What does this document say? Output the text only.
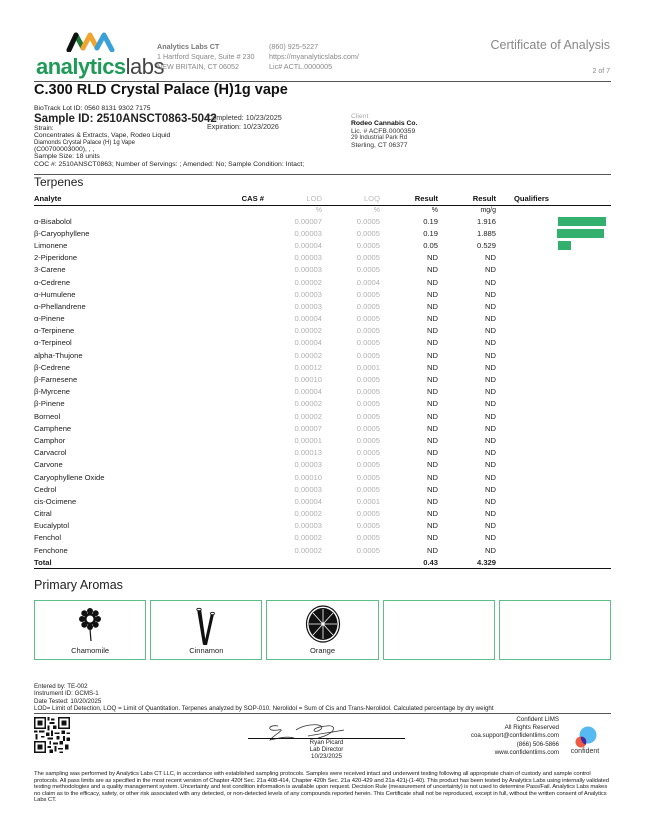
analyticslabs
Analytics Labs CT
1 Hartford Square, Suite # 230
NEW BRITAIN, CT 06052
(860) 925-5227
https://myanalyticslabs.com/
Lic# ACTL.0000005
Certificate of Analysis
2 of 7
C.300 RLD Crystal Palace (H)1g vape
BioTrack Lot ID: 0560 8131 9302 7175
Sample ID: 2510ANSCT0863-5042
Completed: 10/23/2025
Expiration: 10/23/2026
Strain:
Concentrates & Extracts, Vape, Rodeo Liquid
Diamonds Crystal Palace (H) 1g Vape
(C00700003000), , ,
Sample Size: 18 units
COC #: 2510ANSCT0863; Number of Servings: ; Amended: No; Sample Condition: Intact;
Client
Rodeo Cannabis Co.
Lic. # ACFB.0000359
29 Industrial Park Rd
Sterling, CT 06377
Terpenes
Analyte	CAS #	LOD	LOQ	Result	Result	Qualifiers
		%	%	%	mg/g	
α-Bisabolol		0.00007	0.0005	0.19	1.916	

β-Caryophyllene		0.00003	0.0005	0.19	1.885	

Limonene		0.00004	0.0005	0.05	0.529	

2-Piperidone		0.00003	0.0005	ND	ND	
3-Carene		0.00003	0.0005	ND	ND	
α-Cedrene		0.00002	0.0004	ND	ND	
α-Humulene		0.00003	0.0005	ND	ND	
α-Phellandrene		0.00003	0.0005	ND	ND	
α-Pinene		0.00004	0.0005	ND	ND	
α-Terpinene		0.00002	0.0005	ND	ND	
α-Terpineol		0.00004	0.0005	ND	ND	
alpha-Thujone		0.00002	0.0005	ND	ND	
β-Cedrene		0.00012	0.0001	ND	ND	
β-Farnesene		0.00010	0.0005	ND	ND	
β-Myrcene		0.00004	0.0005	ND	ND	
β-Pinene		0.00002	0.0005	ND	ND	
Borneol		0.00002	0.0005	ND	ND	
Camphene		0.00007	0.0005	ND	ND	
Camphor		0.00001	0.0005	ND	ND	
Carvacrol		0.00013	0.0005	ND	ND	
Carvone		0.00003	0.0005	ND	ND	
Caryophyllene Oxide		0.00010	0.0005	ND	ND	
Cedrol		0.00003	0.0005	ND	ND	
cis-Ocimene		0.00004	0.0001	ND	ND	
Citral		0.00002	0.0005	ND	ND	
Eucalyptol		0.00003	0.0005	ND	ND	
Fenchol		0.00002	0.0005	ND	ND	
Fenchone		0.00002	0.0005	ND	ND	
Total				0.43	4.329	
Primary Aromas
Chamomile	Cinnamon	Orange
Entered by: TE-002
Instrument ID: GCMS-1
Date Tested: 10/20/2025
LOD= Limit of Detection, LOQ = Limit of Quantitation. Terpenes analyzed by SOP-010. Nerolidol = Sum of Cis and Trans-Nerolidol. Calculated percentage by dry weight
Ryan Picard
Lab Director
10/23/2025
Confident LIMS
All Rights Reserved
coa.support@confidentlims.com
(866) 506-5866
www.confidentlims.com	confident
The sampling was performed by Analytics Labs CT LLC, in accordance with established sampling protocols. Samples were received intact and underwent testing following all appropriate chain of custody and sample control protocols. All pass limits are as specified in the most recent version of Chapter 420f Sec. 21a 408-414, Chapter 420h Sec. 21a 420-429 and 21a 421j-(1-40). This product has been tested by Analytics Labs using internally validated testing methodologies and a quality management system. Uncertainty and test condition information is available upon request. Decision Rule (measurement of uncertainty) is not used to determine Pass/Fail. Analytics Labs makes no claim as to the efficacy, safety, or other risk associated with any detected, or non-detected levels of any compounds reported herein. This Certificate shall not be reproduced, except in full, without the written consent of Analytics Labs CT.
